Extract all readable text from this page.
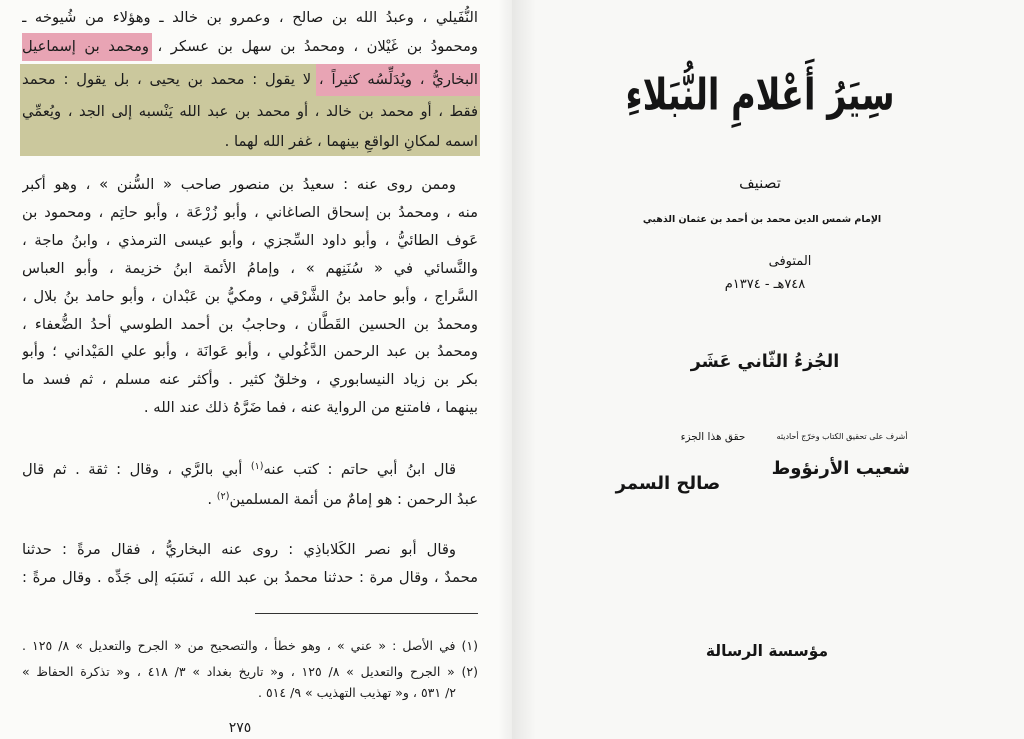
النُّفَيلي ، وعبدُ الله بن صالح ، وعمرو بن خالد ـ وهؤلاء من شُيوخه ـ
ومحمودُ بن غَيْلان ، ومحمدُ بن سهل بن عسكر ، ومحمد بن إسماعيل
البخاريُّ ، ويُدَلِّسُه كثيراً ، لا يقول : محمد بن يحيى ، بل يقول : محمد
فقط ، أو محمد بن خالد ، أو محمد بن عبد الله يَنْسبه إلى الجد ، ويُعمِّي
اسمه لمكانِ الواقعِ بينهما ، غفر الله لهما .
وممن روى عنه : سعيدُ بن منصور صاحب « السُّنن » ، وهو أكبر
منه ، ومحمدُ بن إسحاق الصاغاني ، وأبو زُرْعَة ، وأبو حاتِم ، ومحمود بن
عَوف الطائيُّ ، وأبو داود السِّجزي ، وأبو عيسى الترمذي ، وابنُ ماجة ،
والنَّسائي في « سُنَنِهم » ، وإمامُ الأئمة ابنُ خزيمة ، وأبو العباس
السَّراج ، وأبو حامد بنُ الشَّرْقي ، ومكيُّ بن عَبْدان ، وأبو حامد بنُ بلال ،
ومحمدُ بن الحسين القَطَّان ، وحاجبُ بن أحمد الطوسي أحدُ الضُّعفاء ،
ومحمدُ بن عبد الرحمن الدَّغُولي ، وأبو عَوانَة ، وأبو علي المَيْداني ؛ وأبو
بكر بن زياد النيسابوري ، وخلقٌ كثير . وأكثر عنه مسلم ، ثم فسد ما
بينهما ، فامتنع من الرواية عنه ، فما ضَرَّهُ ذلك عند الله .
قال ابنُ أبي حاتم : كتب عنه$^{(١)}$ أبي بالرَّي ، وقال : ثقة . ثم قال
عبدُ الرحمن : هو إمامٌ من أئمة المسلمين$^{(٢)}$ .
وقال أبو نصر الكَلاباذِي : روى عنه البخاريُّ ، فقال مرةً : حدثنا
محمدٌ ، وقال مرة : حدثنا محمدُ بن عبد الله ، نَسَبَه إلى جَدِّه . وقال مرةً :
(١) في الأصل : « عني » ، وهو خطأ ، والتصحيح من « الجرح والتعديل » ٨/ ١٢٥ .
(٢) « الجرح والتعديل » ٨/ ١٢٥ ، و« تاريخ بغداد » ٣/ ٤١٨ ، و« تذكرة الحفاظ »
٢/ ٥٣١ ، و« تهذيب التهذيب » ٩/ ٥١٤ .
٢٧٥
سِيَرُ أَعْلامِ النُّبَلاءِ
تصنيف
الإمام شمس الدين محمد بن أحمد بن عثمان الذهبي
المتوفى
٧٤٨هـ - ١٣٧٤م
الجُزءُ الثّاني عَشَر
أشرف على تحقيق الكتاب وخرّج أحاديثه
شعيب الأرنؤوط
حقق هذا الجزء
صالح السمر
مؤسسة الرسالة
